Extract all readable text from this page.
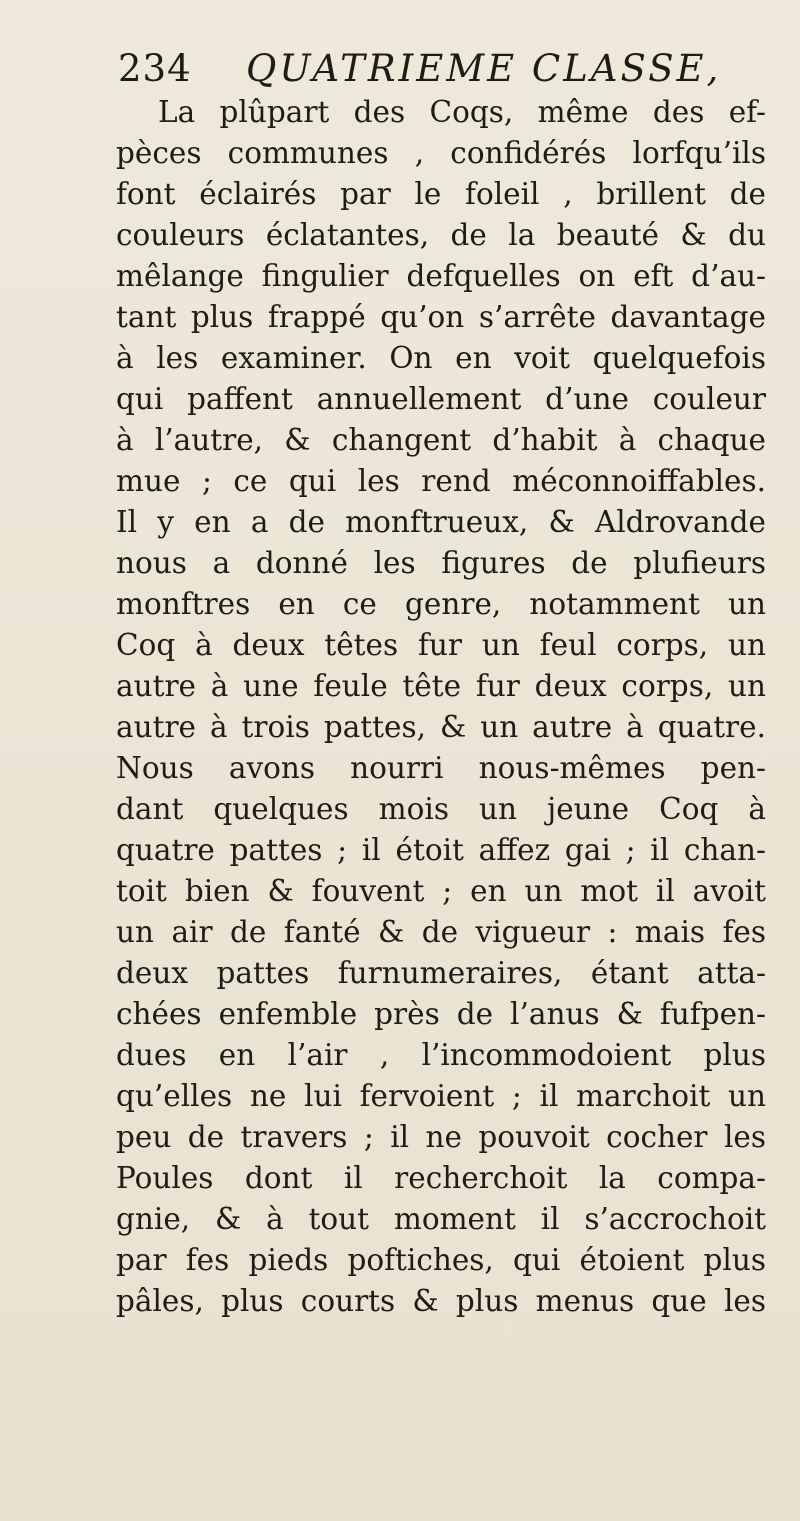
234 QUATRIEME CLASSE,
La plûpart des Coqs, même des ef-
pèces communes , confidérés lorfqu’ils
font éclairés par le foleil , brillent de
couleurs éclatantes, de la beauté & du
mêlange fingulier defquelles on eft d’au-
tant plus frappé qu’on s’arrête davantage
à les examiner. On en voit quelquefois
qui paffent annuellement d’une couleur
à l’autre, & changent d’habit à chaque
mue ; ce qui les rend méconnoiffables.
Il y en a de monftrueux, & Aldrovande
nous a donné les figures de plufieurs
monftres en ce genre, notamment un
Coq à deux têtes fur un feul corps, un
autre à une feule tête fur deux corps, un
autre à trois pattes, & un autre à quatre.
Nous avons nourri nous-mêmes pen-
dant quelques mois un jeune Coq à
quatre pattes ; il étoit affez gai ; il chan-
toit bien & fouvent ; en un mot il avoit
un air de fanté & de vigueur : mais fes
deux pattes furnumeraires, étant atta-
chées enfemble près de l’anus & fufpen-
dues en l’air , l’incommodoient plus
qu’elles ne lui fervoient ; il marchoit un
peu de travers ; il ne pouvoit cocher les
Poules dont il recherchoit la compa-
gnie, & à tout moment il s’accrochoit
par fes pieds poftiches, qui étoient plus
pâles, plus courts & plus menus que les
